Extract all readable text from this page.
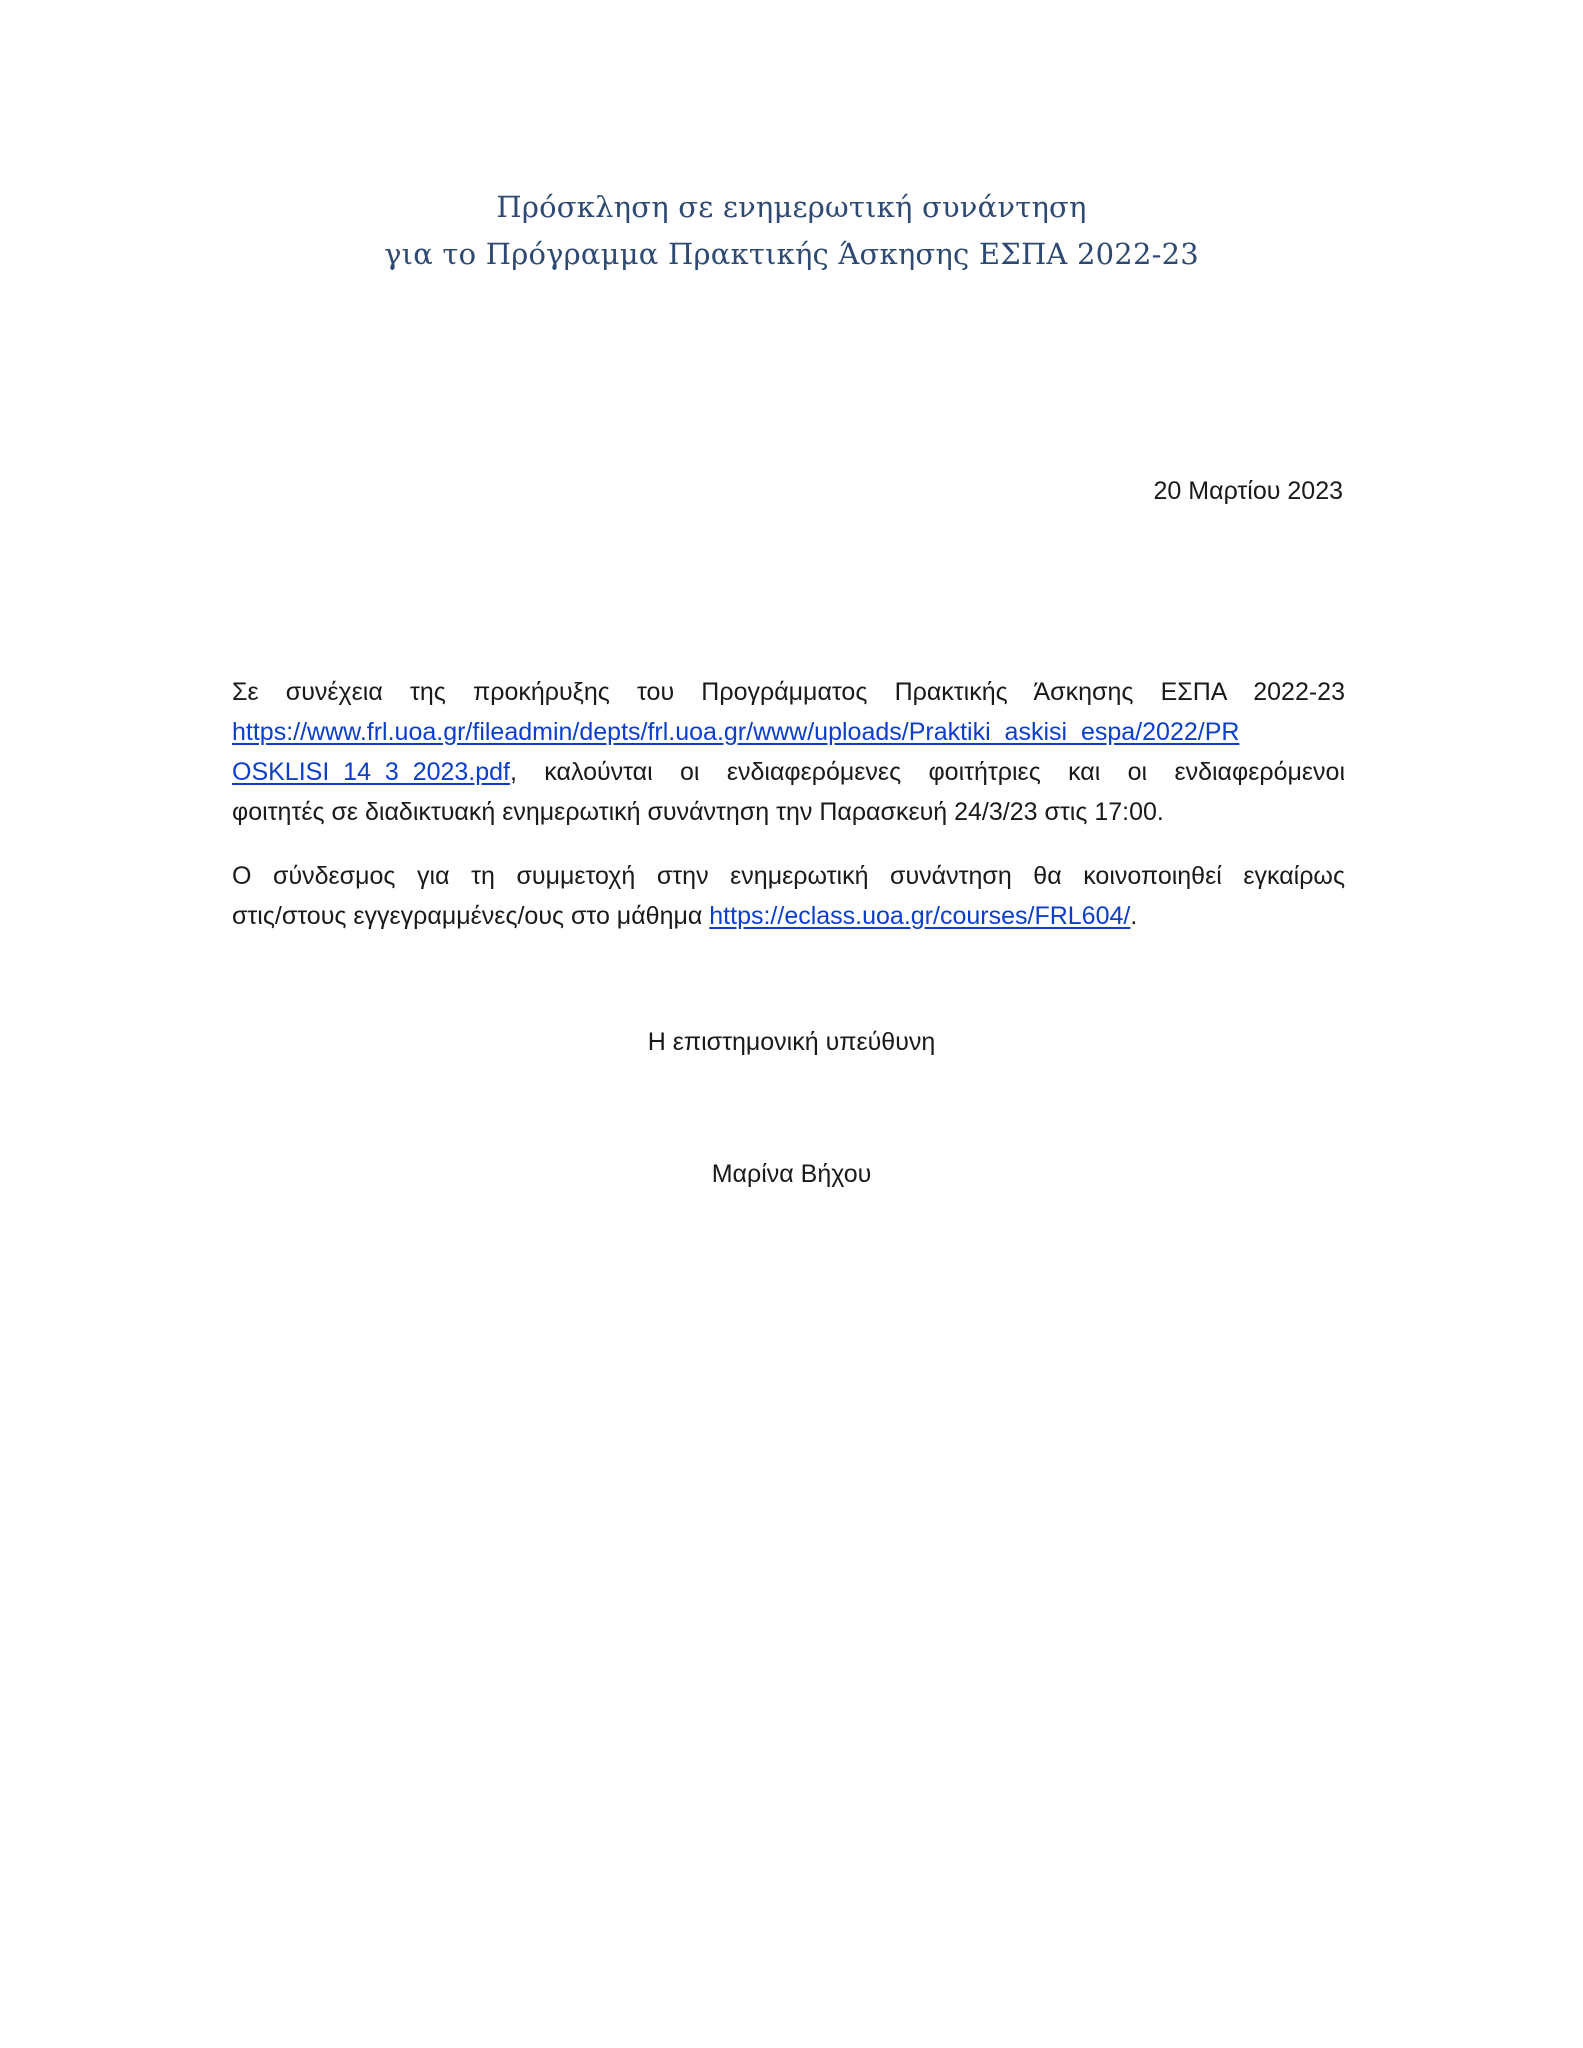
Πρόσκληση σε ενημερωτική συνάντηση
για το Πρόγραμμα Πρακτικής Άσκησης ΕΣΠΑ 2022-23
20 Μαρτίου 2023
Σε συνέχεια της προκήρυξης του Προγράμματος Πρακτικής Άσκησης ΕΣΠΑ 2022-23
https://www.frl.uoa.gr/fileadmin/depts/frl.uoa.gr/www/uploads/Praktiki_askisi_espa/2022/PR
OSKLISI_14_3_2023.pdf, καλούνται οι ενδιαφερόμενες φοιτήτριες και οι ενδιαφερόμενοι
φοιτητές σε διαδικτυακή ενημερωτική συνάντηση την Παρασκευή 24/3/23 στις 17:00.
Ο σύνδεσμος για τη συμμετοχή στην ενημερωτική συνάντηση θα κοινοποιηθεί εγκαίρως
στις/στους εγγεγραμμένες/ους στο μάθημα https://eclass.uoa.gr/courses/FRL604/.
Η επιστημονική υπεύθυνη
Μαρίνα Βήχου
